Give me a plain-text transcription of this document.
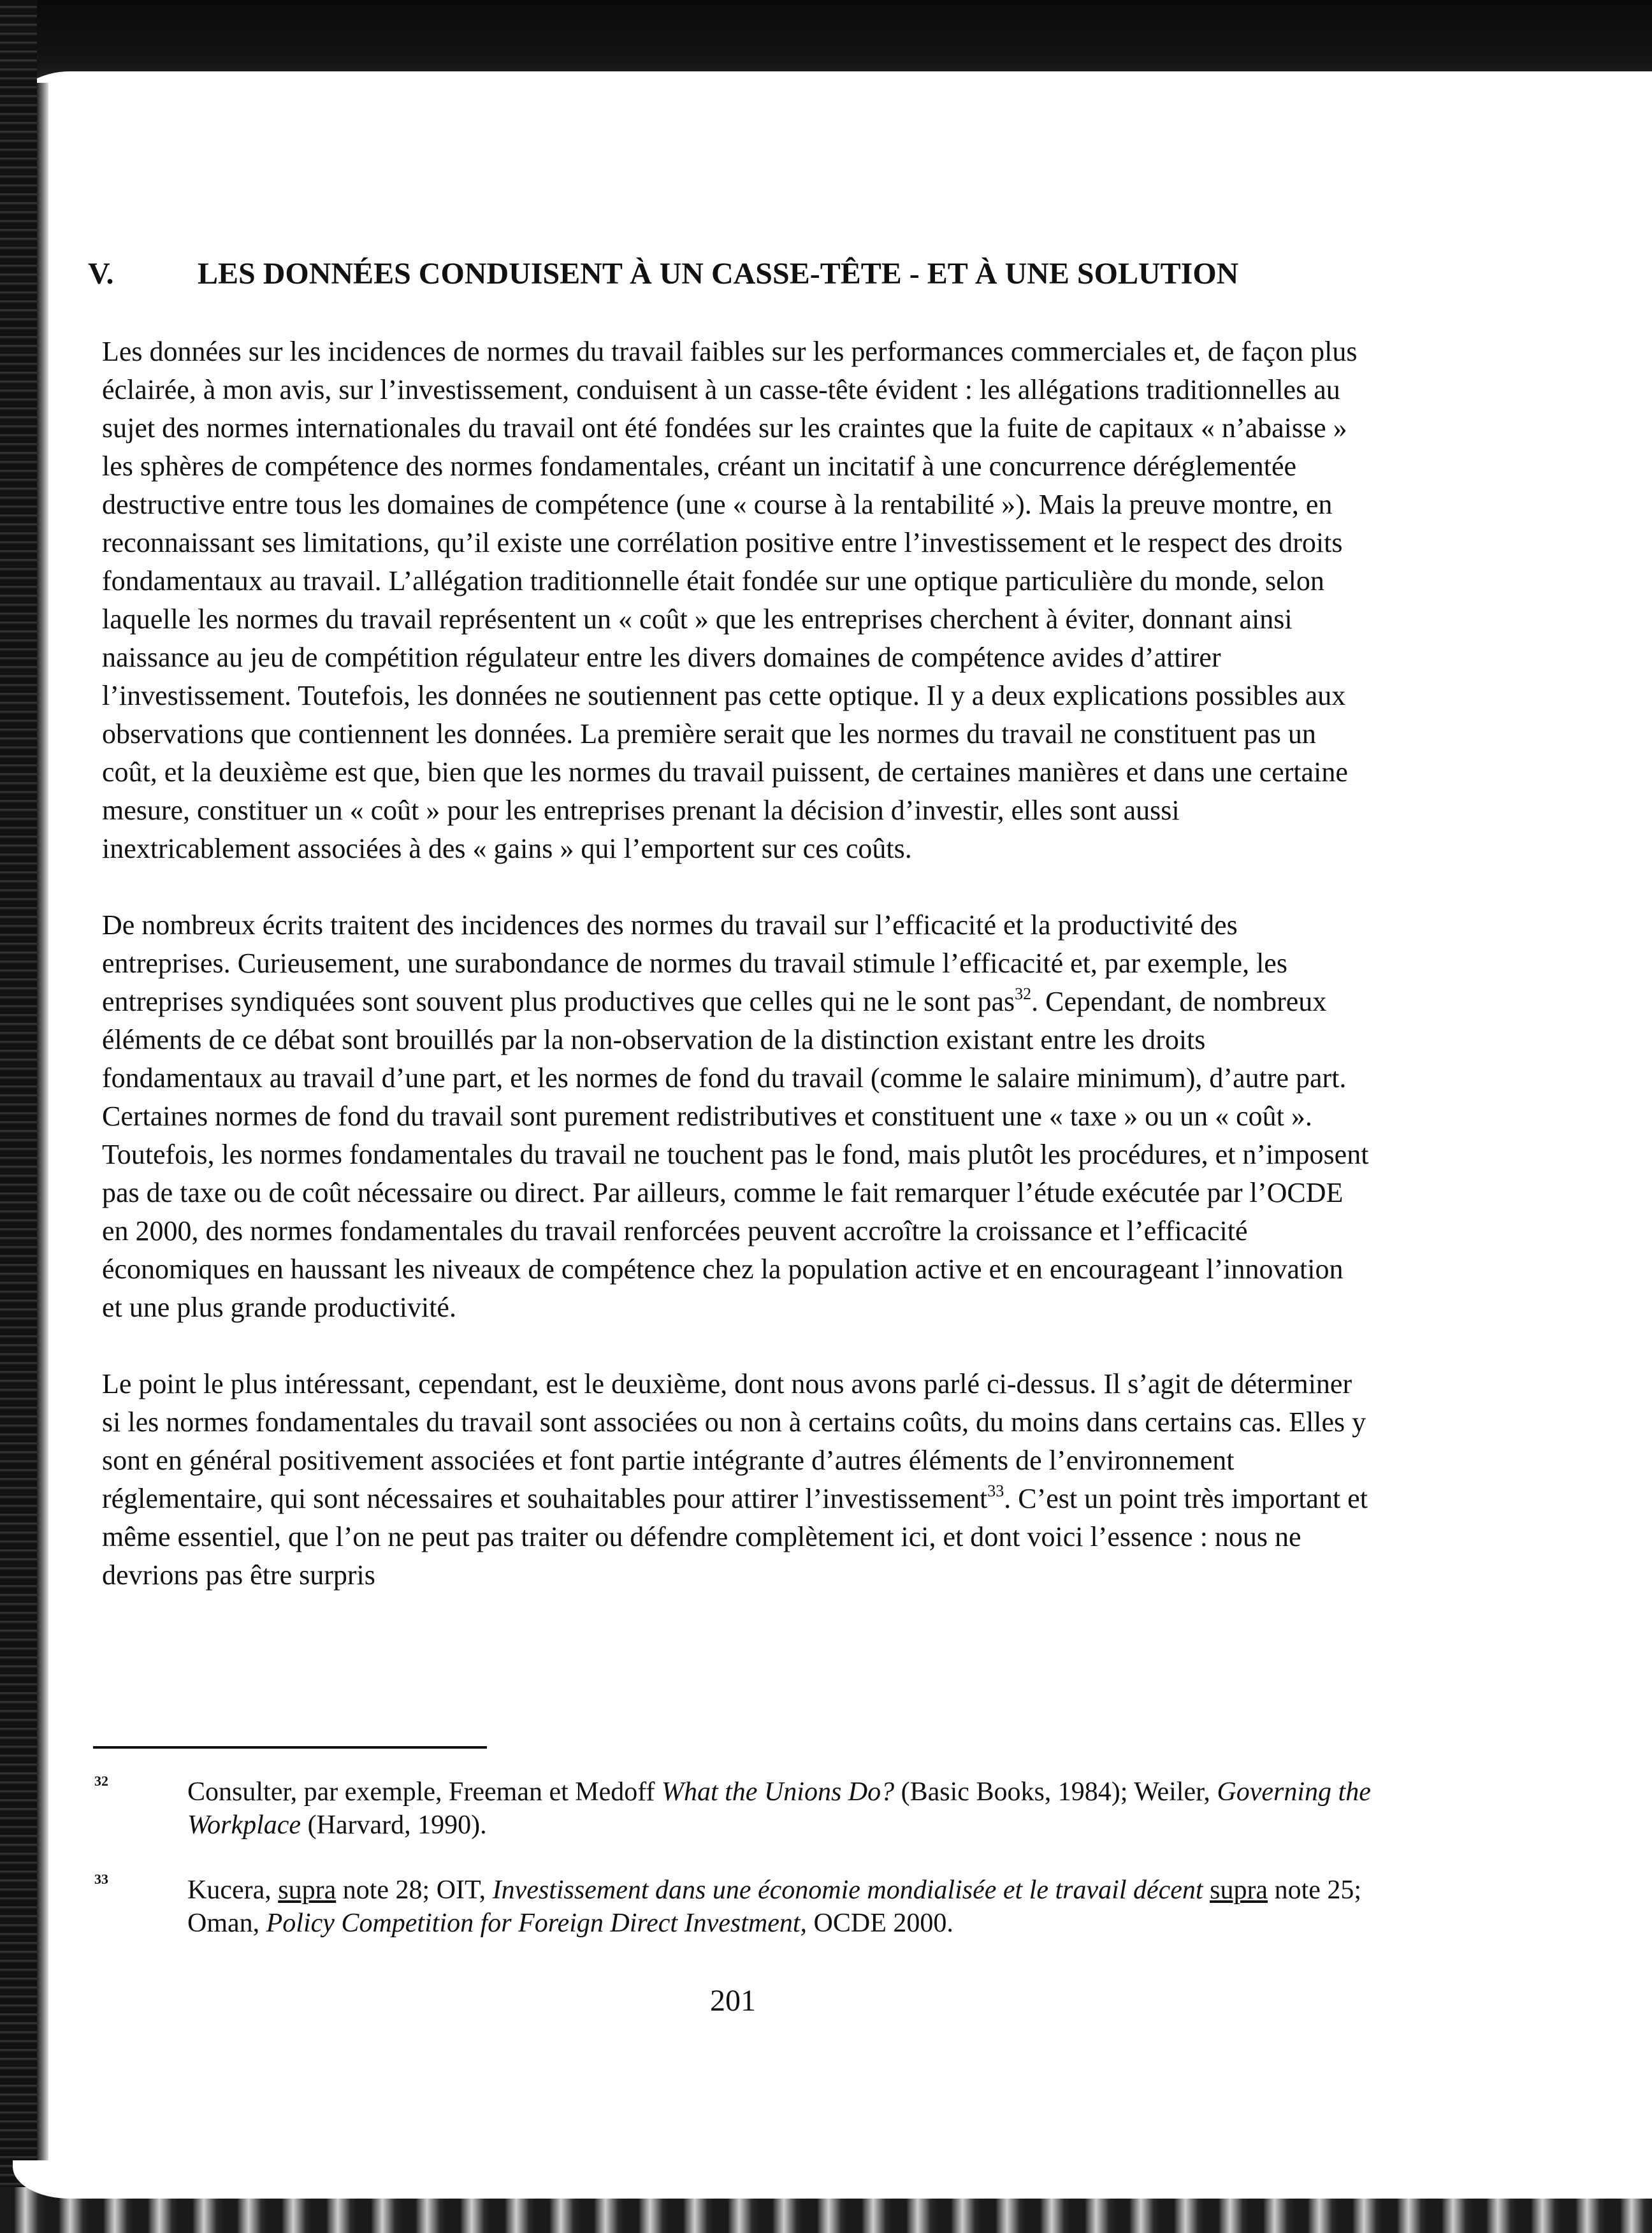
V.	LES DONNÉES CONDUISENT À UN CASSE-TÊTE - ET À UNE SOLUTION

Les données sur les incidences de normes du travail faibles sur les performances commerciales et, de façon plus éclairée, à mon avis, sur l’investissement, conduisent à un casse-tête évident : les allégations traditionnelles au sujet des normes internationales du travail ont été fondées sur les craintes que la fuite de capitaux « n’abaisse » les sphères de compétence des normes fondamentales, créant un incitatif à une concurrence déréglementée destructive entre tous les domaines de compétence (une « course à la rentabilité »). Mais la preuve montre, en reconnaissant ses limitations, qu’il existe une corrélation positive entre l’investissement et le respect des droits fondamentaux au travail. L’allégation traditionnelle était fondée sur une optique particulière du monde, selon laquelle les normes du travail représentent un « coût » que les entreprises cherchent à éviter, donnant ainsi naissance au jeu de compétition régulateur entre les divers domaines de compétence avides d’attirer l’investissement. Toutefois, les données ne soutiennent pas cette optique. Il y a deux explications possibles aux observations que contiennent les données. La première serait que les normes du travail ne constituent pas un coût, et la deuxième est que, bien que les normes du travail puissent, de certaines manières et dans une certaine mesure, constituer un « coût » pour les entreprises prenant la décision d’investir, elles sont aussi inextricablement associées à des « gains » qui l’emportent sur ces coûts.

De nombreux écrits traitent des incidences des normes du travail sur l’efficacité et la productivité des entreprises. Curieusement, une surabondance de normes du travail stimule l’efficacité et, par exemple, les entreprises syndiquées sont souvent plus productives que celles qui ne le sont pas$^{32}$. Cependant, de nombreux éléments de ce débat sont brouillés par la non-observation de la distinction existant entre les droits fondamentaux au travail d’une part, et les normes de fond du travail (comme le salaire minimum), d’autre part. Certaines normes de fond du travail sont purement redistributives et constituent une « taxe » ou un « coût ». Toutefois, les normes fondamentales du travail ne touchent pas le fond, mais plutôt les procédures, et n’imposent pas de taxe ou de coût nécessaire ou direct. Par ailleurs, comme le fait remarquer l’étude exécutée par l’OCDE en 2000, des normes fondamentales du travail renforcées peuvent accroître la croissance et l’efficacité économiques en haussant les niveaux de compétence chez la population active et en encourageant l’innovation et une plus grande productivité.

Le point le plus intéressant, cependant, est le deuxième, dont nous avons parlé ci-dessus. Il s’agit de déterminer si les normes fondamentales du travail sont associées ou non à certains coûts, du moins dans certains cas. Elles y sont en général positivement associées et font partie intégrante d’autres éléments de l’environnement réglementaire, qui sont nécessaires et souhaitables pour attirer l’investissement$^{33}$. C’est un point très important et même essentiel, que l’on ne peut pas traiter ou défendre complètement ici, et dont voici l’essence : nous ne devrions pas être surpris

32	Consulter, par exemple, Freeman et Medoff What the Unions Do? (Basic Books, 1984); Weiler, Governing the Workplace (Harvard, 1990).
33	Kucera, supra note 28; OIT, Investissement dans une économie mondialisée et le travail décent supra note 25; Oman, Policy Competition for Foreign Direct Investment, OCDE 2000.
201
